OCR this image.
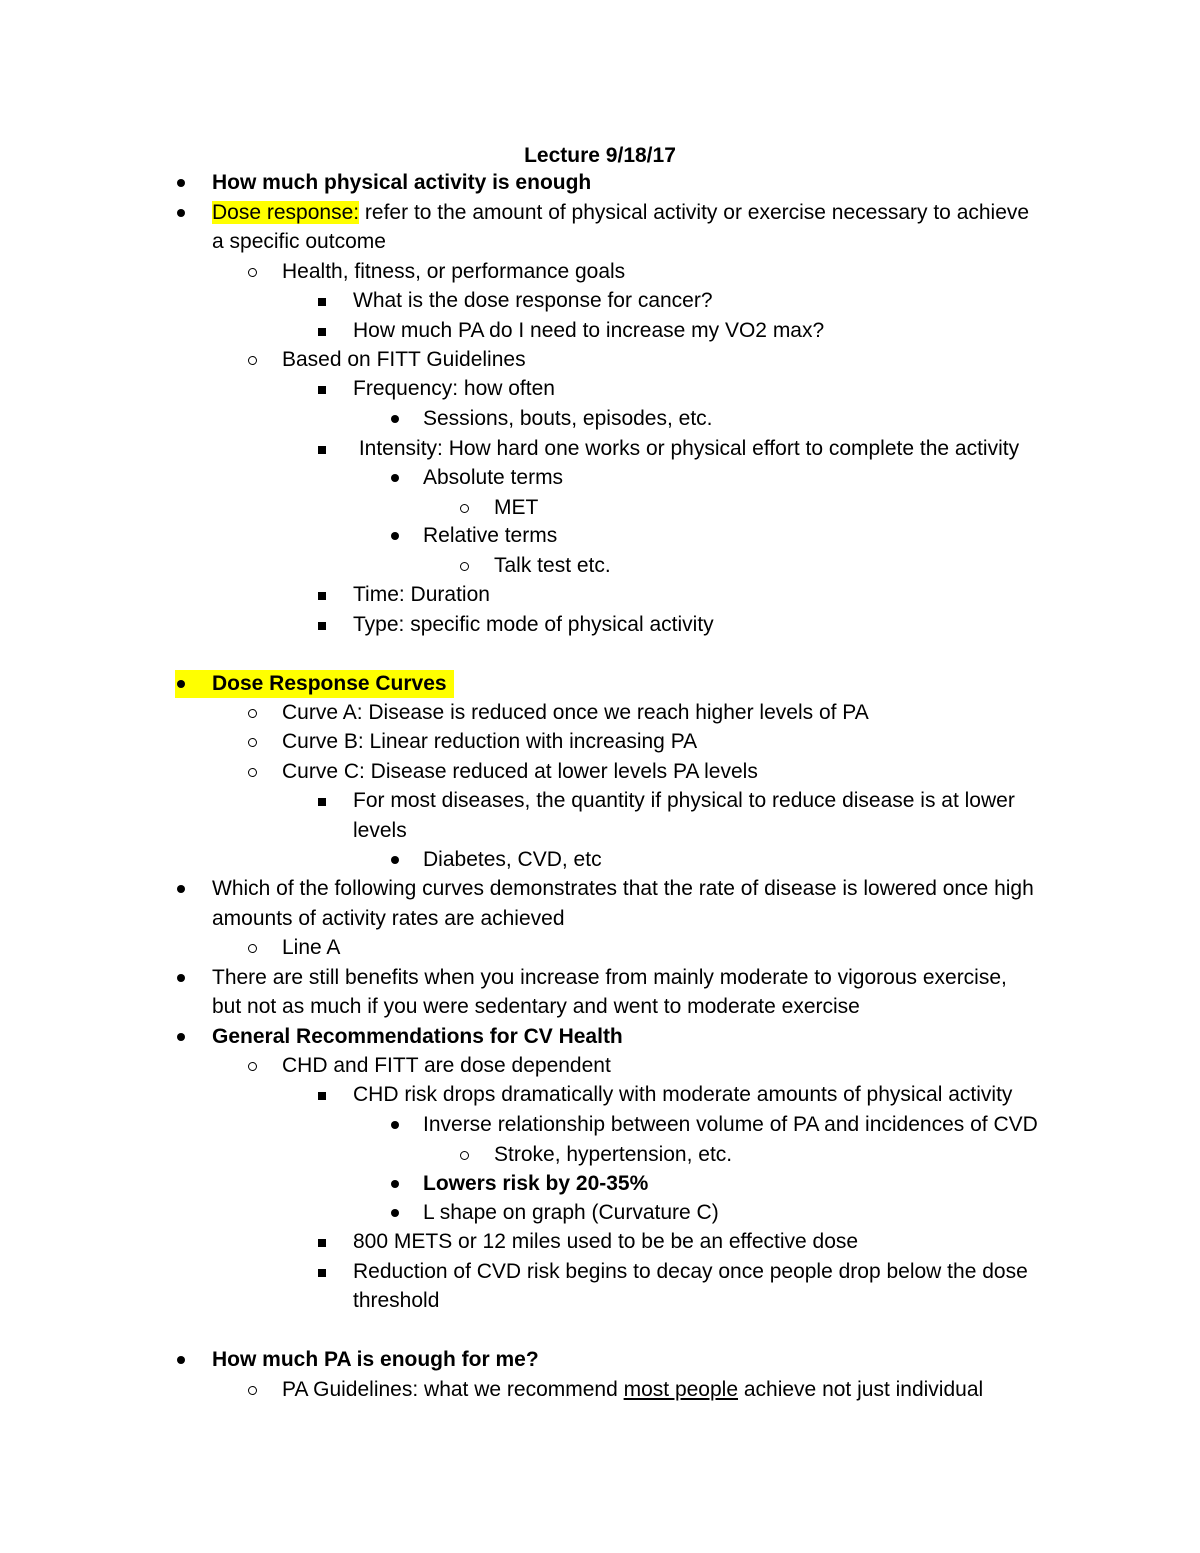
Lecture 9/18/17
How much physical activity is enough
Dose response: refer to the amount of physical activity or exercise necessary to achieve
a specific outcome
Health, fitness, or performance goals
What is the dose response for cancer?
How much PA do I need to increase my VO2 max?
Based on FITT Guidelines
Frequency: how often
Sessions, bouts, episodes, etc.
Intensity: How hard one works or physical effort to complete the activity
Absolute terms
MET
Relative terms
Talk test etc.
Time: Duration
Type: specific mode of physical activity
Dose Response Curves
Curve A: Disease is reduced once we reach higher levels of PA
Curve B: Linear reduction with increasing PA
Curve C: Disease reduced at lower levels PA levels
For most diseases, the quantity if physical to reduce disease is at lower
levels
Diabetes, CVD, etc
Which of the following curves demonstrates that the rate of disease is lowered once high
amounts of activity rates are achieved
Line A
There are still benefits when you increase from mainly moderate to vigorous exercise,
but not as much if you were sedentary and went to moderate exercise
General Recommendations for CV Health
CHD and FITT are dose dependent
CHD risk drops dramatically with moderate amounts of physical activity
Inverse relationship between volume of PA and incidences of CVD
Stroke, hypertension, etc.
Lowers risk by 20-35%
L shape on graph (Curvature C)
800 METS or 12 miles used to be be an effective dose
Reduction of CVD risk begins to decay once people drop below the dose
threshold
How much PA is enough for me?
PA Guidelines: what we recommend most people achieve not just individual
